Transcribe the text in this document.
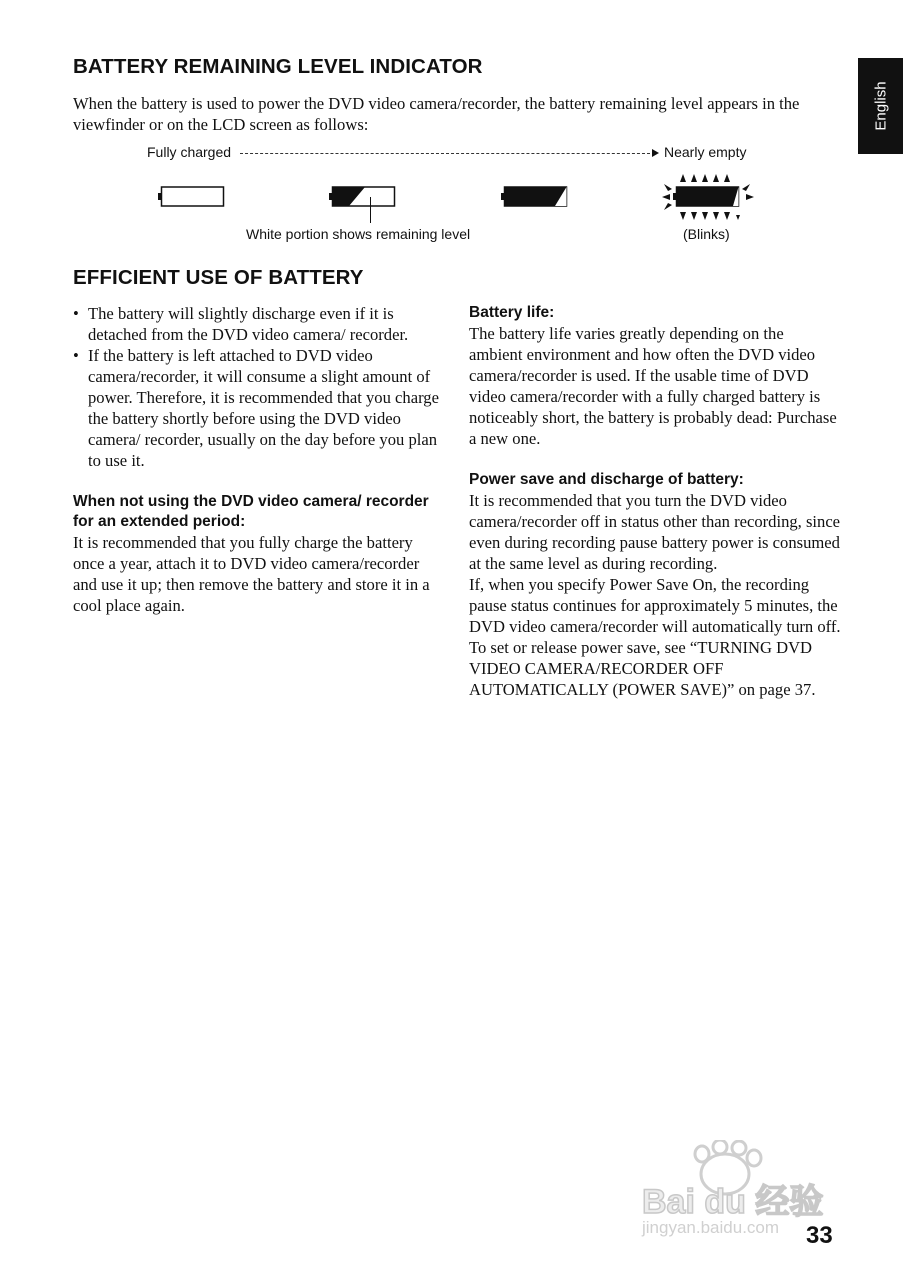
English
BATTERY REMAINING LEVEL INDICATOR
When the battery is used to power the DVD video camera/recorder, the battery remaining level appears in the viewfinder or on the LCD screen as follows:
Fully charged	Nearly empty
White portion shows remaining level	(Blinks)
EFFICIENT USE OF BATTERY
• The battery will slightly discharge even if it is detached from the DVD video camera/ recorder.
• If the battery is left attached to DVD video camera/recorder, it will consume a slight amount of power. Therefore, it is recommended that you charge the battery shortly before using the DVD video camera/ recorder, usually on the day before you plan to use it.
When not using the DVD video camera/ recorder for an extended period:

It is recommended that you fully charge the battery once a year, attach it to DVD video camera/recorder and use it up; then remove the battery and store it in a cool place again.

Battery life:

The battery life varies greatly depending on the ambient environment and how often the DVD video camera/recorder is used. If the usable time of DVD video camera/recorder with a fully charged battery is noticeably short, the battery is probably dead: Purchase a new one.

Power save and discharge of battery:

It is recommended that you turn the DVD video camera/recorder off in status other than recording, since even during recording pause battery power is consumed at the same level as during recording.

If, when you specify Power Save On, the recording pause status continues for approximately 5 minutes, the DVD video camera/recorder will automatically turn off.

To set or release power save, see “TURNING DVD VIDEO CAMERA/RECORDER OFF AUTOMATICALLY (POWER SAVE)” on page 37.

Bai du 经验
jingyan.baidu.com 33
